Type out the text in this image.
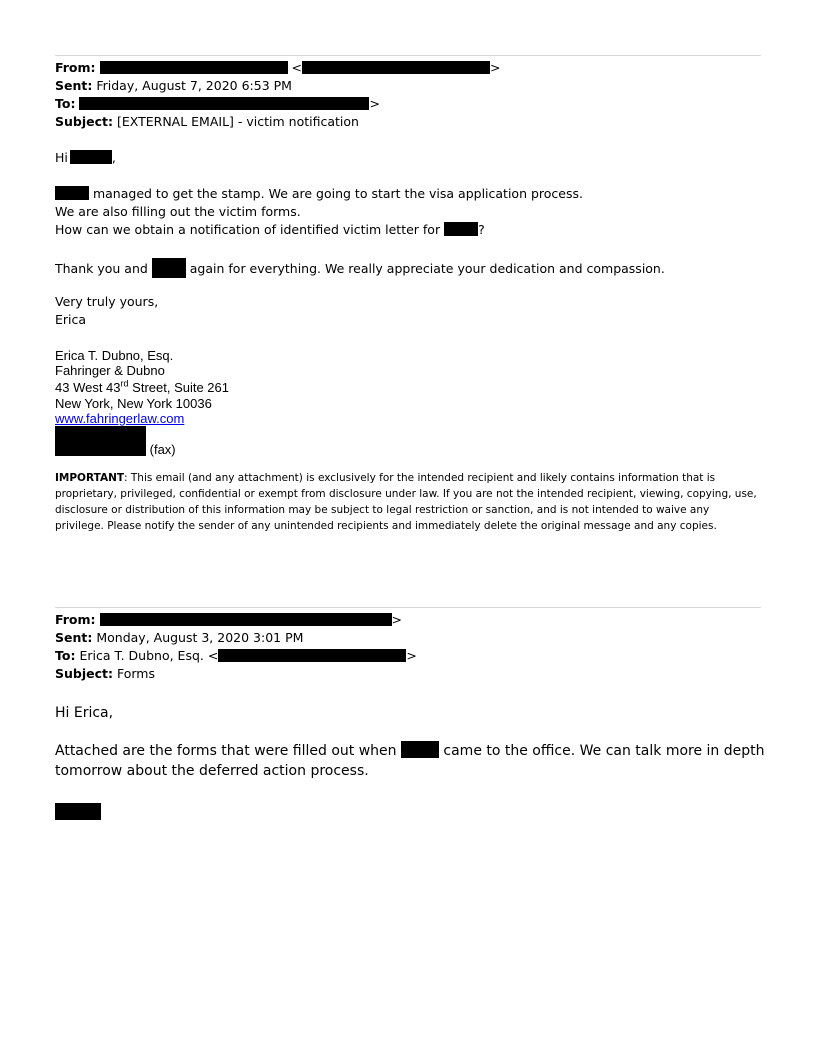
From:	<	>
Sent: Friday, August 7, 2020 6:53 PM
To:	>
Subject: [EXTERNAL EMAIL] - victim notification
Hi	,
managed to get the stamp. We are going to start the visa application process.
We are also filling out the victim forms.
How can we obtain a notification of identified victim letter for	?
Thank you and	again for everything. We really appreciate your dedication and compassion.
Very truly yours,
Erica
Erica T. Dubno, Esq.
Fahringer & Dubno
43 West 43rd Street, Suite 261
New York, New York 10036
www.fahringerlaw.com
(fax)
IMPORTANT: This email (and any attachment) is exclusively for the intended recipient and likely contains information that is proprietary, privileged, confidential or exempt from disclosure under law. If you are not the intended recipient, viewing, copying, use, disclosure or distribution of this information may be subject to legal restriction or sanction, and is not intended to waive any privilege. Please notify the sender of any unintended recipients and immediately delete the original message and any copies.
From:	>
Sent: Monday, August 3, 2020 3:01 PM
To: Erica T. Dubno, Esq. <	>
Subject: Forms
Hi Erica,
Attached are the forms that were filled out when	came to the office. We can talk more in depth
tomorrow about the deferred action process.
